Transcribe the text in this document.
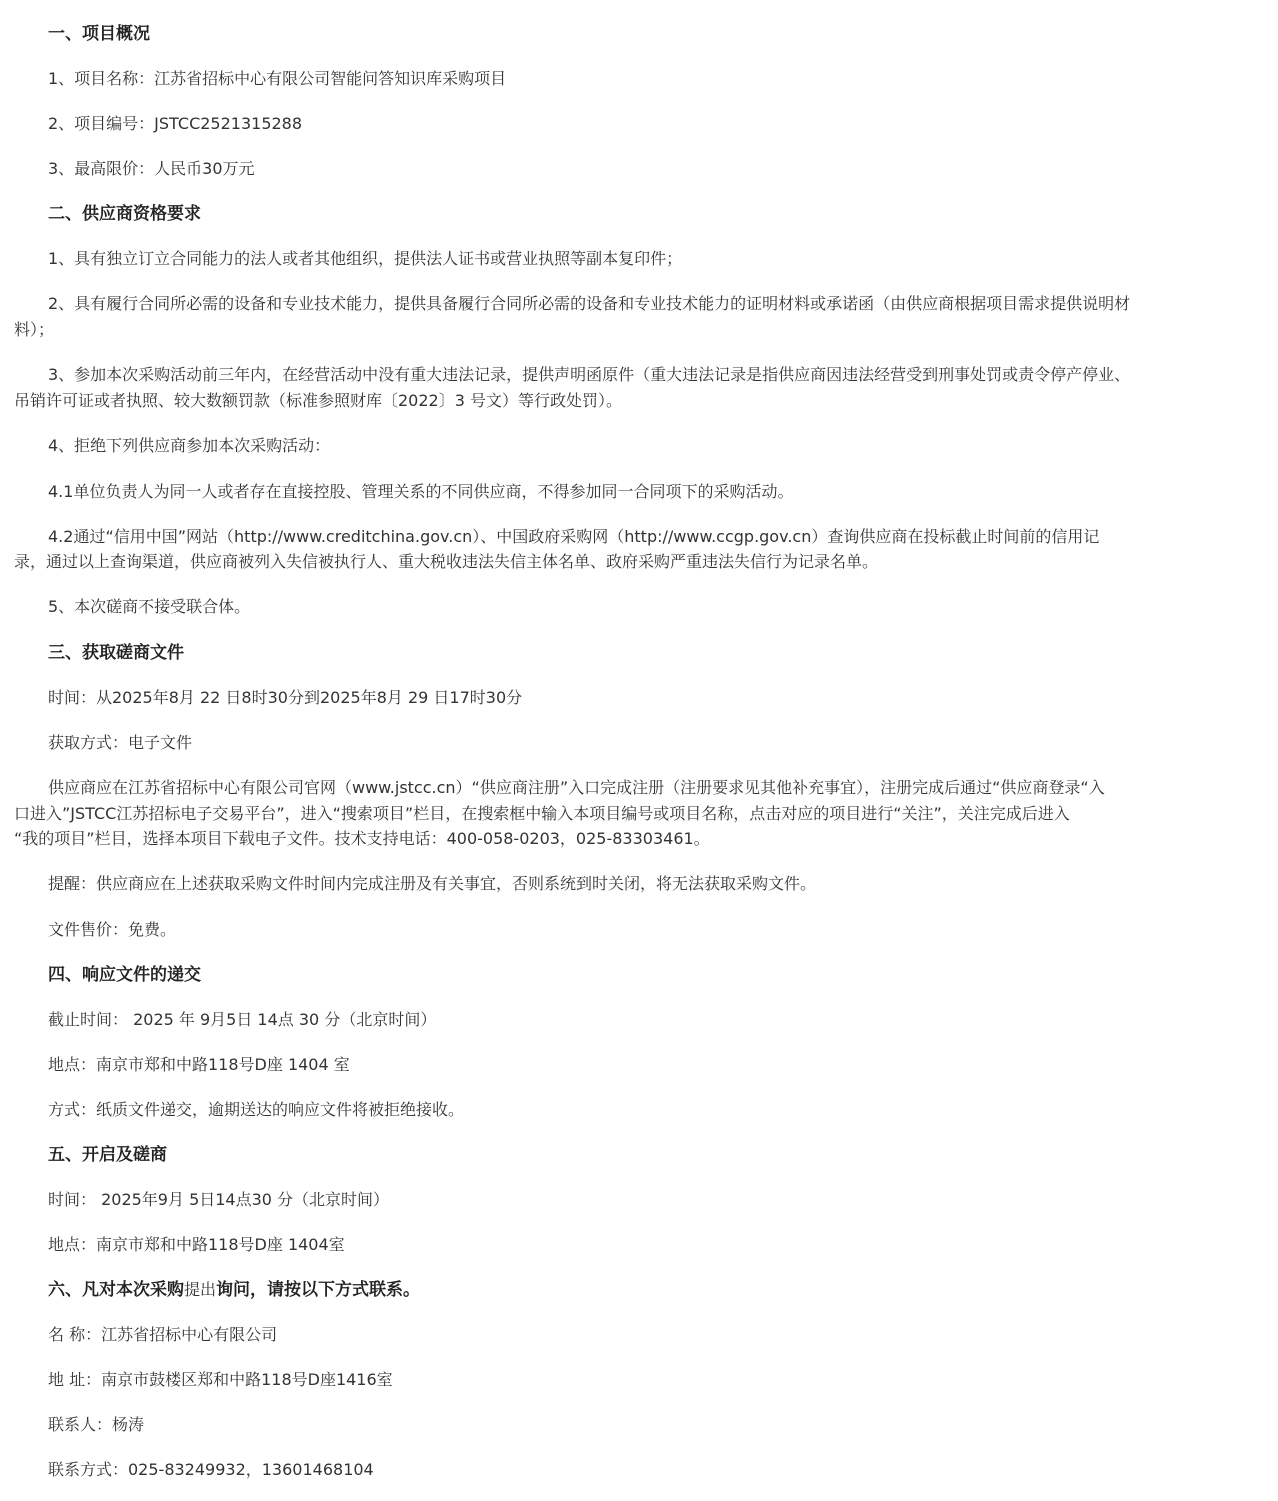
一、项目概况
1、项目名称：江苏省招标中心有限公司智能问答知识库采购项目
2、项目编号：JSTCC2521315288
3、最高限价：人民币30万元
二、供应商资格要求
1、具有独立订立合同能力的法人或者其他组织，提供法人证书或营业执照等副本复印件；
2、具有履行合同所必需的设备和专业技术能力，提供具备履行合同所必需的设备和专业技术能力的证明材料或承诺函（由供应商根据项目需求提供说明材
料）；
3、参加本次采购活动前三年内，在经营活动中没有重大违法记录，提供声明函原件（重大违法记录是指供应商因违法经营受到刑事处罚或责令停产停业、
吊销许可证或者执照、较大数额罚款（标准参照财库〔2022〕3 号文）等行政处罚）。
4、拒绝下列供应商参加本次采购活动：
4.1单位负责人为同一人或者存在直接控股、管理关系的不同供应商，不得参加同一合同项下的采购活动。
4.2通过“信用中国”网站（http://www.creditchina.gov.cn）、中国政府采购网（http://www.ccgp.gov.cn）查询供应商在投标截止时间前的信用记
录，通过以上查询渠道，供应商被列入失信被执行人、重大税收违法失信主体名单、政府采购严重违法失信行为记录名单。
5、本次磋商不接受联合体。
三、获取磋商文件
时间：从2025年8月 22 日8时30分到2025年8月 29 日17时30分
获取方式：电子文件
供应商应在江苏省招标中心有限公司官网（www.jstcc.cn）“供应商注册”入口完成注册（注册要求见其他补充事宜），注册完成后通过“供应商登录“入
口进入”JSTCC江苏招标电子交易平台”，进入“搜索项目”栏目，在搜索框中输入本项目编号或项目名称，点击对应的项目进行“关注”，关注完成后进入
“我的项目”栏目，选择本项目下载电子文件。技术支持电话：400-058-0203，025-83303461。
提醒：供应商应在上述获取采购文件时间内完成注册及有关事宜，否则系统到时关闭，将无法获取采购文件。
文件售价：免费。
四、响应文件的递交
截止时间： 2025 年 9月5日 14点 30 分（北京时间）
地点：南京市郑和中路118号D座 1404 室
方式：纸质文件递交，逾期送达的响应文件将被拒绝接收。
五、开启及磋商
时间： 2025年9月 5日14点30 分（北京时间）
地点：南京市郑和中路118号D座 1404室
六、凡对本次采购提出询问，请按以下方式联系。
名 称：江苏省招标中心有限公司
地 址：南京市鼓楼区郑和中路118号D座1416室
联系人：杨涛
联系方式：025-83249932，13601468104
